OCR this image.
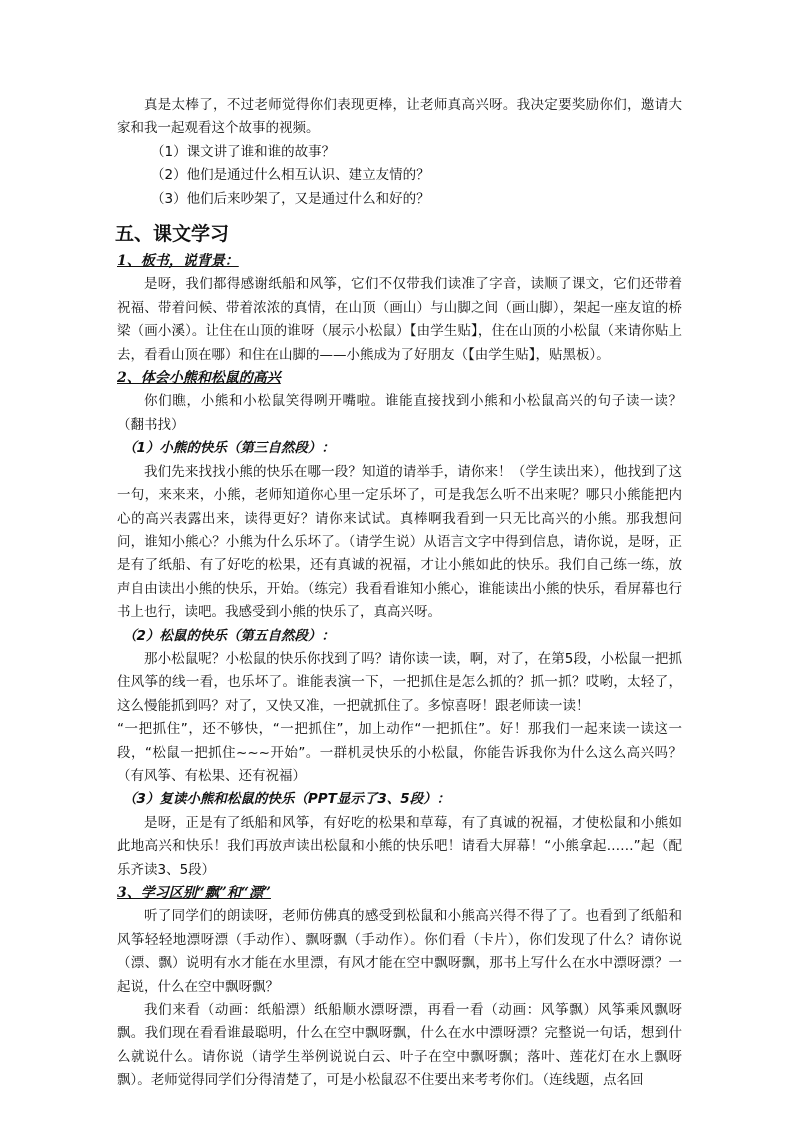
真是太棒了，不过老师觉得你们表现更棒，让老师真高兴呀。我决定要奖励你们，邀请大家和我一起观看这个故事的视频。

（1）课文讲了谁和谁的故事？

（2）他们是通过什么相互认识、建立友情的？

（3）他们后来吵架了，又是通过什么和好的？

五、课文学习
1、板书，说背景：

是呀，我们都得感谢纸船和风筝，它们不仅带我们读准了字音，读顺了课文，它们还带着祝福、带着问候、带着浓浓的真情，在山顶（画山）与山脚之间（画山脚），架起一座友谊的桥梁（画小溪）。让住在山顶的谁呀（展示小松鼠）【由学生贴】，住在山顶的小松鼠（来请你贴上去，看看山顶在哪）和住在山脚的——小熊成为了好朋友（【由学生贴】，贴黑板）。

2、体会小熊和松鼠的高兴

你们瞧，小熊和小松鼠笑得咧开嘴啦。谁能直接找到小熊和小松鼠高兴的句子读一读？（翻书找）

（1）小熊的快乐（第三自然段）：

我们先来找找小熊的快乐在哪一段？知道的请举手，请你来！（学生读出来），他找到了这一句，来来来，小熊，老师知道你心里一定乐坏了，可是我怎么听不出来呢？哪只小熊能把内心的高兴表露出来，读得更好？请你来试试。真棒啊我看到一只无比高兴的小熊。那我想问问，谁知小熊心？小熊为什么乐坏了。（请学生说）从语言文字中得到信息，请你说，是呀，正是有了纸船、有了好吃的松果，还有真诚的祝福，才让小熊如此的快乐。我们自己练一练，放声自由读出小熊的快乐，开始。（练完）我看看谁知小熊心，谁能读出小熊的快乐，看屏幕也行书上也行，读吧。我感受到小熊的快乐了，真高兴呀。

（2）松鼠的快乐（第五自然段）：

那小松鼠呢？小松鼠的快乐你找到了吗？请你读一读，啊，对了，在第5段，小松鼠一把抓住风筝的线一看，也乐坏了。谁能表演一下，一把抓住是怎么抓的？抓一抓？哎哟，太轻了，这么慢能抓到吗？对了，又快又准，一把就抓住了。多惊喜呀！跟老师读一读！

“一把抓住”，还不够快，“一把抓住”，加上动作“一把抓住”。好！那我们一起来读一读这一段，“松鼠一把抓住~~~开始”。一群机灵快乐的小松鼠，你能告诉我你为什么这么高兴吗？（有风筝、有松果、还有祝福）

（3）复读小熊和松鼠的快乐（PPT显示了3、5段）：

是呀，正是有了纸船和风筝，有好吃的松果和草莓，有了真诚的祝福，才使松鼠和小熊如此地高兴和快乐！我们再放声读出松鼠和小熊的快乐吧！请看大屏幕！“小熊拿起……”起（配乐齐读3、5段）

3、学习区别“飘”和“漂”

听了同学们的朗读呀，老师仿佛真的感受到松鼠和小熊高兴得不得了了。也看到了纸船和风筝轻轻地漂呀漂（手动作）、飘呀飘（手动作）。你们看（卡片），你们发现了什么？请你说（漂、飘）说明有水才能在水里漂，有风才能在空中飘呀飘，那书上写什么在水中漂呀漂？一起说，什么在空中飘呀飘？

我们来看（动画：纸船漂）纸船顺水漂呀漂，再看一看（动画：风筝飘）风筝乘风飘呀飘。我们现在看看谁最聪明，什么在空中飘呀飘，什么在水中漂呀漂？完整说一句话，想到什么就说什么。请你说（请学生举例说说白云、叶子在空中飘呀飘；落叶、莲花灯在水上飘呀飘）。老师觉得同学们分得清楚了，可是小松鼠忍不住要出来考考你们。（连线题，点名回
